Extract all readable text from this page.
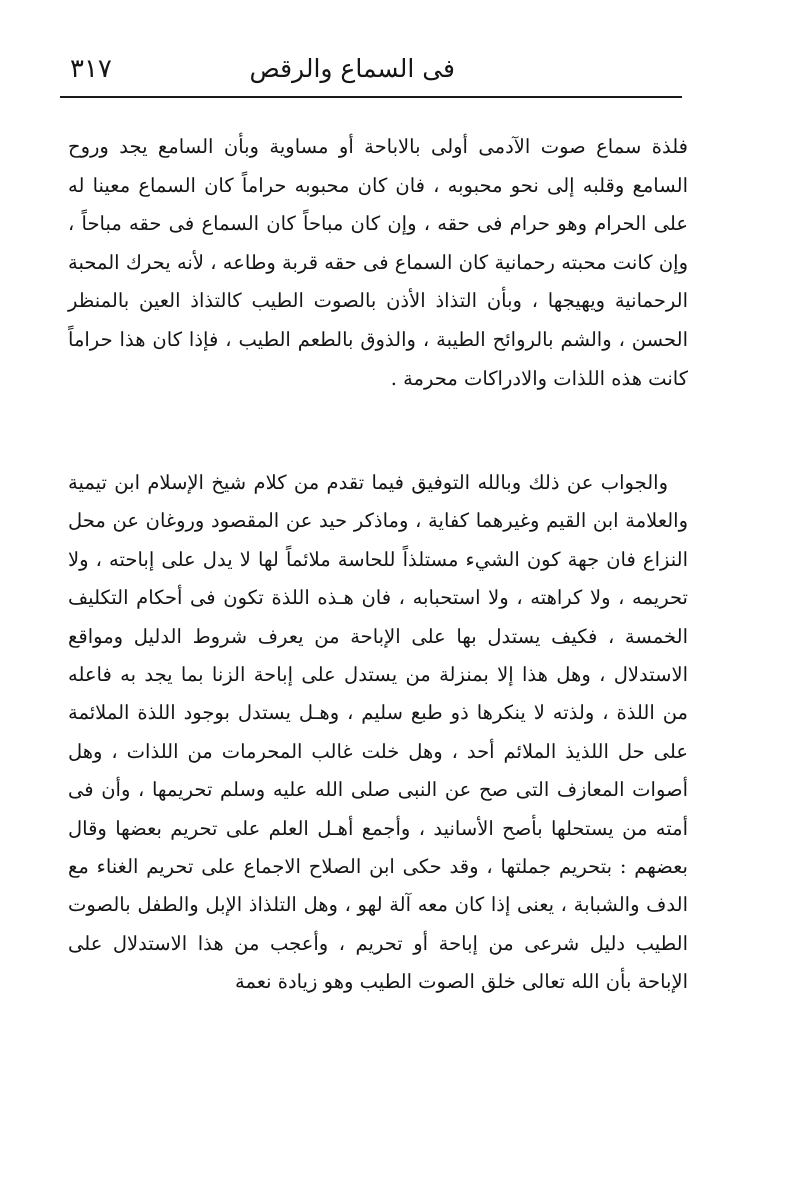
٣١٧	فى السماع والرقص
فلذة سماع صوت الآدمى أولى بالاباحة أو مساوية وبأن السامع يجد وروح السامع وقلبه إلى نحو محبوبه ، فان كان محبوبه حراماً كان السماع معينا له على الحرام وهو حرام فى حقه ، وإن كان مباحاً كان السماع فى حقه مباحاً ، وإن كانت محبته رحمانية كان السماع فى حقه قربة وطاعه ، لأنه يحرك المحبة الرحمانية ويهيجها ، وبأن التذاذ الأذن بالصوت الطيب كالتذاذ العين بالمنظر الحسن ، والشم بالروائح الطيبة ، والذوق بالطعم الطيب ، فإذا كان هذا حراماً كانت هذه اللذات والادراكات محرمة .
والجواب عن ذلك وبالله التوفيق فيما تقدم من كلام شيخ الإسلام ابن تيمية والعلامة ابن القيم وغيرهما كفاية ، وماذكر حيد عن المقصود وروغان عن محل النزاع فان جهة كون الشيء مستلذاً للحاسة ملائماً لها لا يدل على إباحته ، ولا تحريمه ، ولا كراهته ، ولا استحبابه ، فان هـذه اللذة تكون فى أحكام التكليف الخمسة ، فكيف يستدل بها على الإباحة من يعرف شروط الدليل ومواقع الاستدلال ، وهل هذا إلا بمنزلة من يستدل على إباحة الزنا بما يجد به فاعله من اللذة ، ولذته لا ينكرها ذو طبع سليم ، وهـل يستدل بوجود اللذة الملائمة على حل اللذيذ الملائم أحد ، وهل خلت غالب المحرمات من اللذات ، وهل أصوات المعازف التى صح عن النبى صلى الله عليه وسلم تحريمها ، وأن فى أمته من يستحلها بأصح الأسانيد ، وأجمع أهـل العلم على تحريم بعضها وقال بعضهم : بتحريم جملتها ، وقد حكى ابن الصلاح الاجماع على تحريم الغناء مع الدف والشبابة ، يعنى إذا كان معه آلة لهو ، وهل التلذاذ الإبل والطفل بالصوت الطيب دليل شرعى من إباحة أو تحريم ، وأعجب من هذا الاستدلال على الإباحة بأن الله تعالى خلق الصوت الطيب وهو زيادة نعمة
